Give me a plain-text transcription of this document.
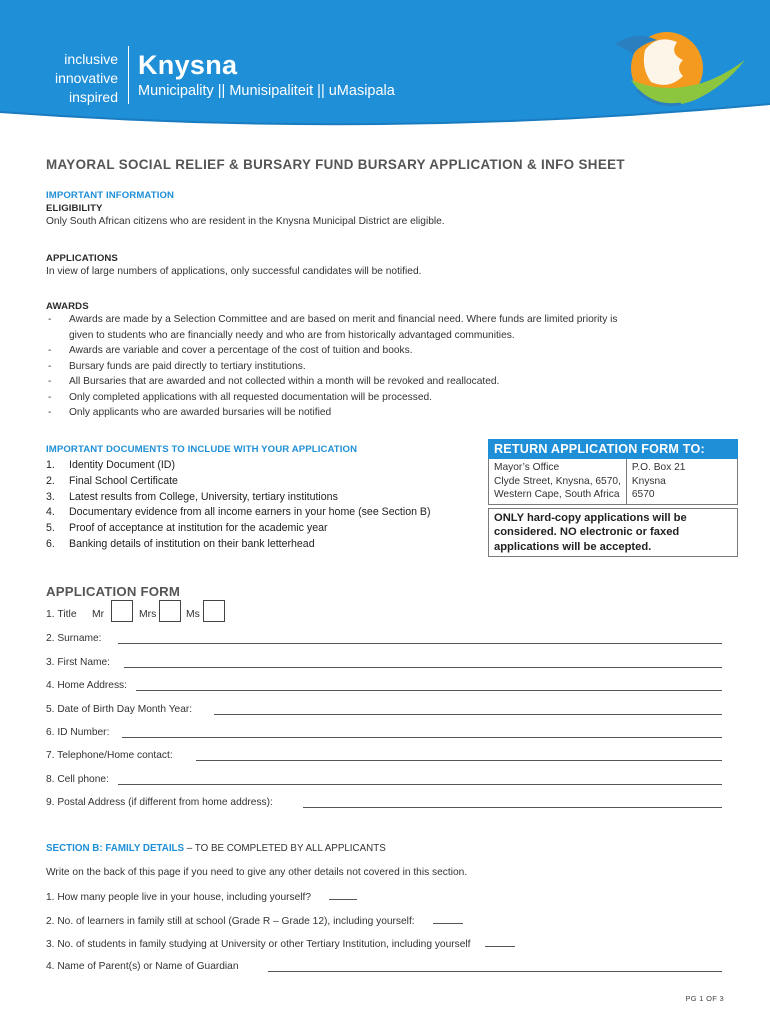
inclusive
innovative
inspired
Knysna
Municipality || Munisipaliteit || uMasipala
MAYORAL SOCIAL RELIEF & BURSARY FUND BURSARY APPLICATION & INFO SHEET
IMPORTANT INFORMATION
ELIGIBILITY
Only South African citizens who are resident in the Knysna Municipal District are eligible.
APPLICATIONS
In view of large numbers of applications, only successful candidates will be notified.
AWARDS
- Awards are made by a Selection Committee and are based on merit and financial need. Where funds are limited priority is
given to students who are financially needy and who are from historically advantaged communities.
- Awards are variable and cover a percentage of the cost of tuition and books.
- Bursary funds are paid directly to tertiary institutions.
- All Bursaries that are awarded and not collected within a month will be revoked and reallocated.
- Only completed applications with all requested documentation will be processed.
- Only applicants who are awarded bursaries will be notified
IMPORTANT DOCUMENTS TO INCLUDE WITH YOUR APPLICATION
1. Identity Document (ID)
2. Final School Certificate
3. Latest results from College, University, tertiary institutions
4. Documentary evidence from all income earners in your home (see Section B)
5. Proof of acceptance at institution for the academic year
6. Banking details of institution on their bank letterhead
RETURN APPLICATION FORM TO:
Mayor’s Office
Clyde Street, Knysna, 6570,
Western Cape, South Africa
P.O. Box 21
Knysna
6570
ONLY hard-copy applications will be considered. NO electronic or faxed applications will be accepted.
APPLICATION FORM
1. Title Mr	Mrs	Ms
2. Surname:
3. First Name:
4. Home Address:
5. Date of Birth Day Month Year:
6. ID Number:
7. Telephone/Home contact:
8. Cell phone:
9. Postal Address (if different from home address):
SECTION B: FAMILY DETAILS – TO BE COMPLETED BY ALL APPLICANTS
Write on the back of this page if you need to give any other details not covered in this section.
1. How many people live in your house, including yourself?
2. No. of learners in family still at school (Grade R – Grade 12), including yourself:
3. No. of students in family studying at University or other Tertiary Institution, including yourself
4. Name of Parent(s) or Name of Guardian
PG 1 OF 3
